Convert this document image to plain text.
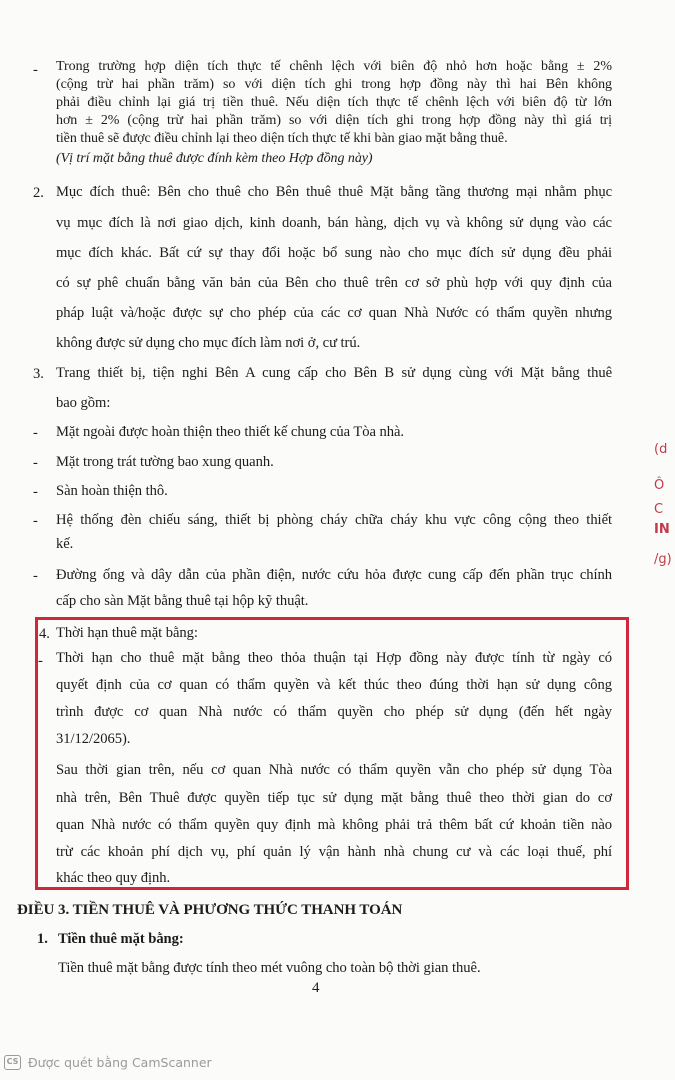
- Trong trường hợp diện tích thực tế chênh lệch với biên độ nhỏ hơn hoặc bằng ± 2%
(cộng trừ hai phần trăm) so với diện tích ghi trong hợp đồng này thì hai Bên không
phải điều chỉnh lại giá trị tiền thuê. Nếu diện tích thực tế chênh lệch với biên độ từ lớn
hơn ± 2% (cộng trừ hai phần trăm) so với diện tích ghi trong hợp đồng này thì giá trị
tiền thuê sẽ được điều chỉnh lại theo diện tích thực tế khi bàn giao mặt bằng thuê.
(Vị trí mặt bằng thuê được đính kèm theo Hợp đồng này)
2. Mục đích thuê: Bên cho thuê cho Bên thuê thuê Mặt bằng tầng thương mại nhằm phục
vụ mục đích là nơi giao dịch, kinh doanh, bán hàng, dịch vụ và không sử dụng vào các
mục đích khác. Bất cứ sự thay đổi hoặc bổ sung nào cho mục đích sử dụng đều phải
có sự phê chuẩn bằng văn bản của Bên cho thuê trên cơ sở phù hợp với quy định của
pháp luật và/hoặc được sự cho phép của các cơ quan Nhà Nước có thẩm quyền nhưng
không được sử dụng cho mục đích làm nơi ở, cư trú.
3. Trang thiết bị, tiện nghi Bên A cung cấp cho Bên B sử dụng cùng với Mặt bằng thuê
bao gồm:
- Mặt ngoài được hoàn thiện theo thiết kế chung của Tòa nhà.
- Mặt trong trát tường bao xung quanh.
- Sàn hoàn thiện thô.
- Hệ thống đèn chiếu sáng, thiết bị phòng cháy chữa cháy khu vực công cộng theo thiết
kế.
- Đường ống và dây dẫn của phần điện, nước cứu hỏa được cung cấp đến phần trục chính
cấp cho sàn Mặt bằng thuê tại hộp kỹ thuật.
4. Thời hạn thuê mặt bằng:
- Thời hạn cho thuê mặt bằng theo thỏa thuận tại Hợp đồng này được tính từ ngày có
quyết định của cơ quan có thẩm quyền và kết thúc theo đúng thời hạn sử dụng công
trình được cơ quan Nhà nước có thẩm quyền cho phép sử dụng (đến hết ngày
31/12/2065).
Sau thời gian trên, nếu cơ quan Nhà nước có thẩm quyền vẫn cho phép sử dụng Tòa
nhà trên, Bên Thuê được quyền tiếp tục sử dụng mặt bằng thuê theo thời gian do cơ
quan Nhà nước có thẩm quyền quy định mà không phải trả thêm bất cứ khoản tiền nào
trừ các khoản phí dịch vụ, phí quản lý vận hành nhà chung cư và các loại thuế, phí
khác theo quy định.
ĐIỀU 3. TIỀN THUÊ VÀ PHƯƠNG THỨC THANH TOÁN
1. Tiền thuê mặt bằng:
Tiền thuê mặt bằng được tính theo mét vuông cho toàn bộ thời gian thuê.
4
(d
Ô
C
IN
/g)
CS Được quét bằng CamScanner
